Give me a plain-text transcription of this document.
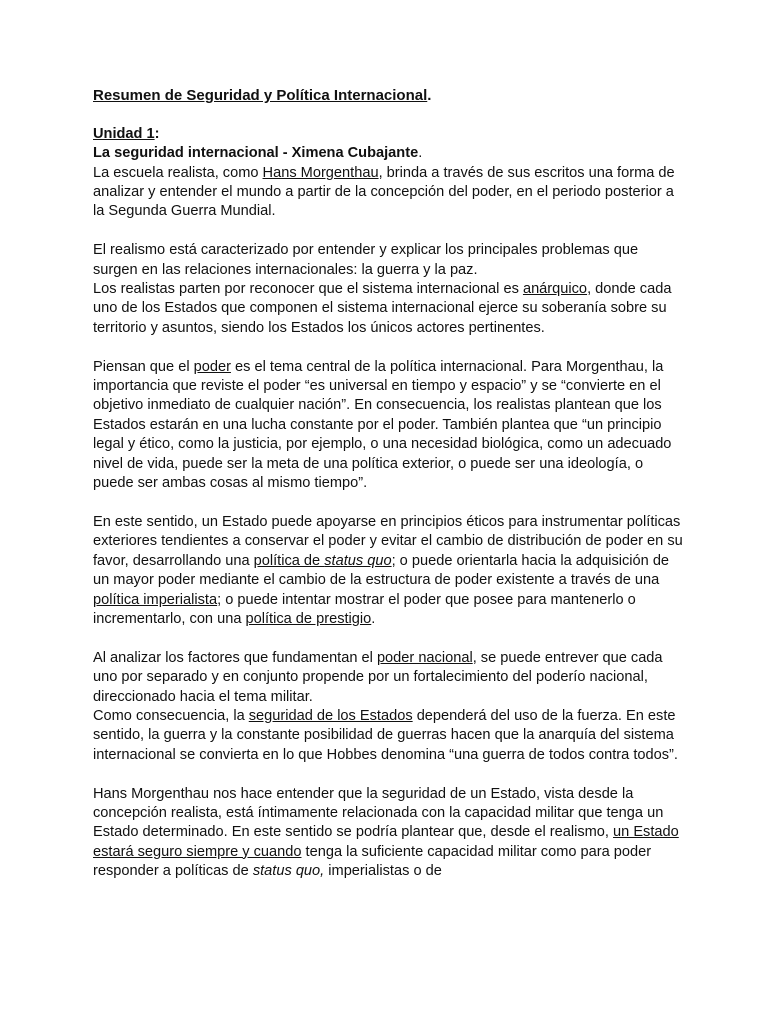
Resumen de Seguridad y Política Internacional.

Unidad 1:

La seguridad internacional - Ximena Cubajante.

La escuela realista, como Hans Morgenthau, brinda a través de sus escritos una forma de analizar y entender el mundo a partir de la concepción del poder, en el periodo posterior a la Segunda Guerra Mundial.

El realismo está caracterizado por entender y explicar los principales problemas que surgen en las relaciones internacionales: la guerra y la paz.

Los realistas parten por reconocer que el sistema internacional es anárquico, donde cada uno de los Estados que componen el sistema internacional ejerce su soberanía sobre su territorio y asuntos, siendo los Estados los únicos actores pertinentes.

Piensan que el poder es el tema central de la política internacional. Para Morgenthau, la importancia que reviste el poder “es universal en tiempo y espacio” y se “convierte en el objetivo inmediato de cualquier nación”. En consecuencia, los realistas plantean que los Estados estarán en una lucha constante por el poder. También plantea que “un principio legal y ético, como la justicia, por ejemplo, o una necesidad biológica, como un adecuado nivel de vida, puede ser la meta de una política exterior, o puede ser una ideología, o puede ser ambas cosas al mismo tiempo”.

En este sentido, un Estado puede apoyarse en principios éticos para instrumentar políticas exteriores tendientes a conservar el poder y evitar el cambio de distribución de poder en su favor, desarrollando una política de status quo; o puede orientarla hacia la adquisición de un mayor poder mediante el cambio de la estructura de poder existente a través de una política imperialista; o puede intentar mostrar el poder que posee para mantenerlo o incrementarlo, con una política de prestigio.

Al analizar los factores que fundamentan el poder nacional, se puede entrever que cada uno por separado y en conjunto propende por un fortalecimiento del poderío nacional, direccionado hacia el tema militar.

Como consecuencia, la seguridad de los Estados dependerá del uso de la fuerza. En este sentido, la guerra y la constante posibilidad de guerras hacen que la anarquía del sistema internacional se convierta en lo que Hobbes denomina “una guerra de todos contra todos”.

Hans Morgenthau nos hace entender que la seguridad de un Estado, vista desde la concepción realista, está íntimamente relacionada con la capacidad militar que tenga un Estado determinado. En este sentido se podría plantear que, desde el realismo, un Estado estará seguro siempre y cuando tenga la suficiente capacidad militar como para poder responder a políticas de status quo, imperialistas o de
